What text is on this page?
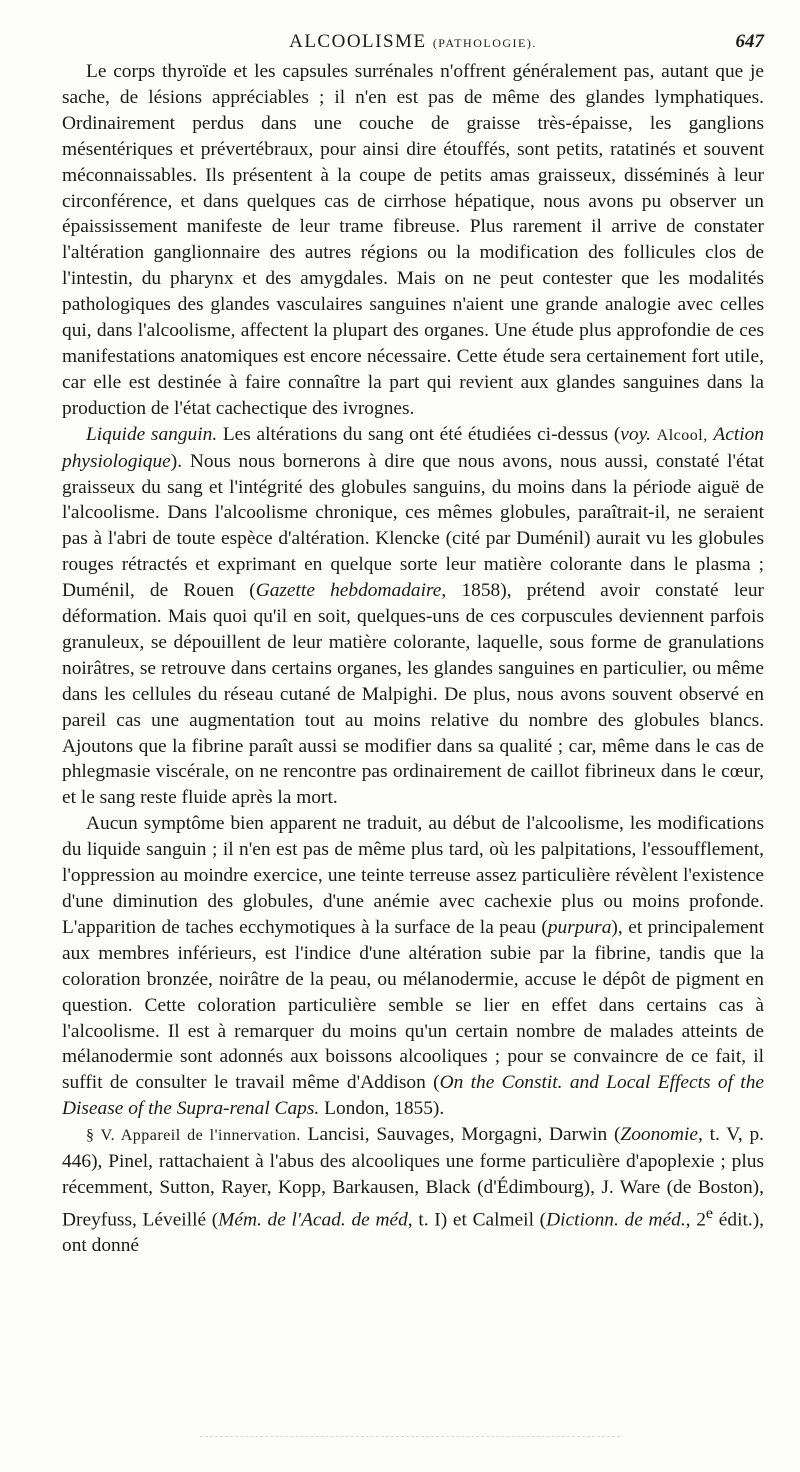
ALCOOLISME (PATHOLOGIE).	647

Le corps thyroïde et les capsules surrénales n'offrent généralement pas, autant que je sache, de lésions appréciables ; il n'en est pas de même des glandes lymphatiques. Ordinairement perdus dans une couche de graisse très-épaisse, les ganglions mésentériques et prévertébraux, pour ainsi dire étouffés, sont petits, ratatinés et souvent méconnaissables. Ils présentent à la coupe de petits amas graisseux, disséminés à leur circonférence, et dans quelques cas de cirrhose hépatique, nous avons pu observer un épaississement manifeste de leur trame fibreuse. Plus rarement il arrive de constater l'altération ganglionnaire des autres régions ou la modification des follicules clos de l'intestin, du pharynx et des amygdales. Mais on ne peut contester que les modalités pathologiques des glandes vasculaires sanguines n'aient une grande analogie avec celles qui, dans l'alcoolisme, affectent la plupart des organes. Une étude plus approfondie de ces manifestations anatomiques est encore nécessaire. Cette étude sera certainement fort utile, car elle est destinée à faire connaître la part qui revient aux glandes sanguines dans la production de l'état cachectique des ivrognes.

Liquide sanguin. Les altérations du sang ont été étudiées ci-dessus (voy. Alcool, Action physiologique). Nous nous bornerons à dire que nous avons, nous aussi, constaté l'état graisseux du sang et l'intégrité des globules sanguins, du moins dans la période aiguë de l'alcoolisme. Dans l'alcoolisme chronique, ces mêmes globules, paraîtrait-il, ne seraient pas à l'abri de toute espèce d'altération. Klencke (cité par Duménil) aurait vu les globules rouges rétractés et exprimant en quelque sorte leur matière colorante dans le plasma ; Duménil, de Rouen (Gazette hebdomadaire, 1858), prétend avoir constaté leur déformation. Mais quoi qu'il en soit, quelques-uns de ces corpuscules deviennent parfois granuleux, se dépouillent de leur matière colorante, laquelle, sous forme de granulations noirâtres, se retrouve dans certains organes, les glandes sanguines en particulier, ou même dans les cellules du réseau cutané de Malpighi. De plus, nous avons souvent observé en pareil cas une augmentation tout au moins relative du nombre des globules blancs. Ajoutons que la fibrine paraît aussi se modifier dans sa qualité ; car, même dans le cas de phlegmasie viscérale, on ne rencontre pas ordinairement de caillot fibrineux dans le cœur, et le sang reste fluide après la mort.

Aucun symptôme bien apparent ne traduit, au début de l'alcoolisme, les modifications du liquide sanguin ; il n'en est pas de même plus tard, où les palpitations, l'essoufflement, l'oppression au moindre exercice, une teinte terreuse assez particulière révèlent l'existence d'une diminution des globules, d'une anémie avec cachexie plus ou moins profonde. L'apparition de taches ecchymotiques à la surface de la peau (purpura), et principalement aux membres inférieurs, est l'indice d'une altération subie par la fibrine, tandis que la coloration bronzée, noirâtre de la peau, ou mélanodermie, accuse le dépôt de pigment en question. Cette coloration particulière semble se lier en effet dans certains cas à l'alcoolisme. Il est à remarquer du moins qu'un certain nombre de malades atteints de mélanodermie sont adonnés aux boissons alcooliques ; pour se convaincre de ce fait, il suffit de consulter le travail même d'Addison (On the Constit. and Local Effects of the Disease of the Supra-renal Caps. London, 1855).

§ V. Appareil de l'innervation. Lancisi, Sauvages, Morgagni, Darwin (Zoonomie, t. V, p. 446), Pinel, rattachaient à l'abus des alcooliques une forme particulière d'apoplexie ; plus récemment, Sutton, Rayer, Kopp, Barkausen, Black (d'Édimbourg), J. Ware (de Boston), Dreyfuss, Léveillé (Mém. de l'Acad. de méd, t. I) et Calmeil (Dictionn. de méd., 2e édit.), ont donné
